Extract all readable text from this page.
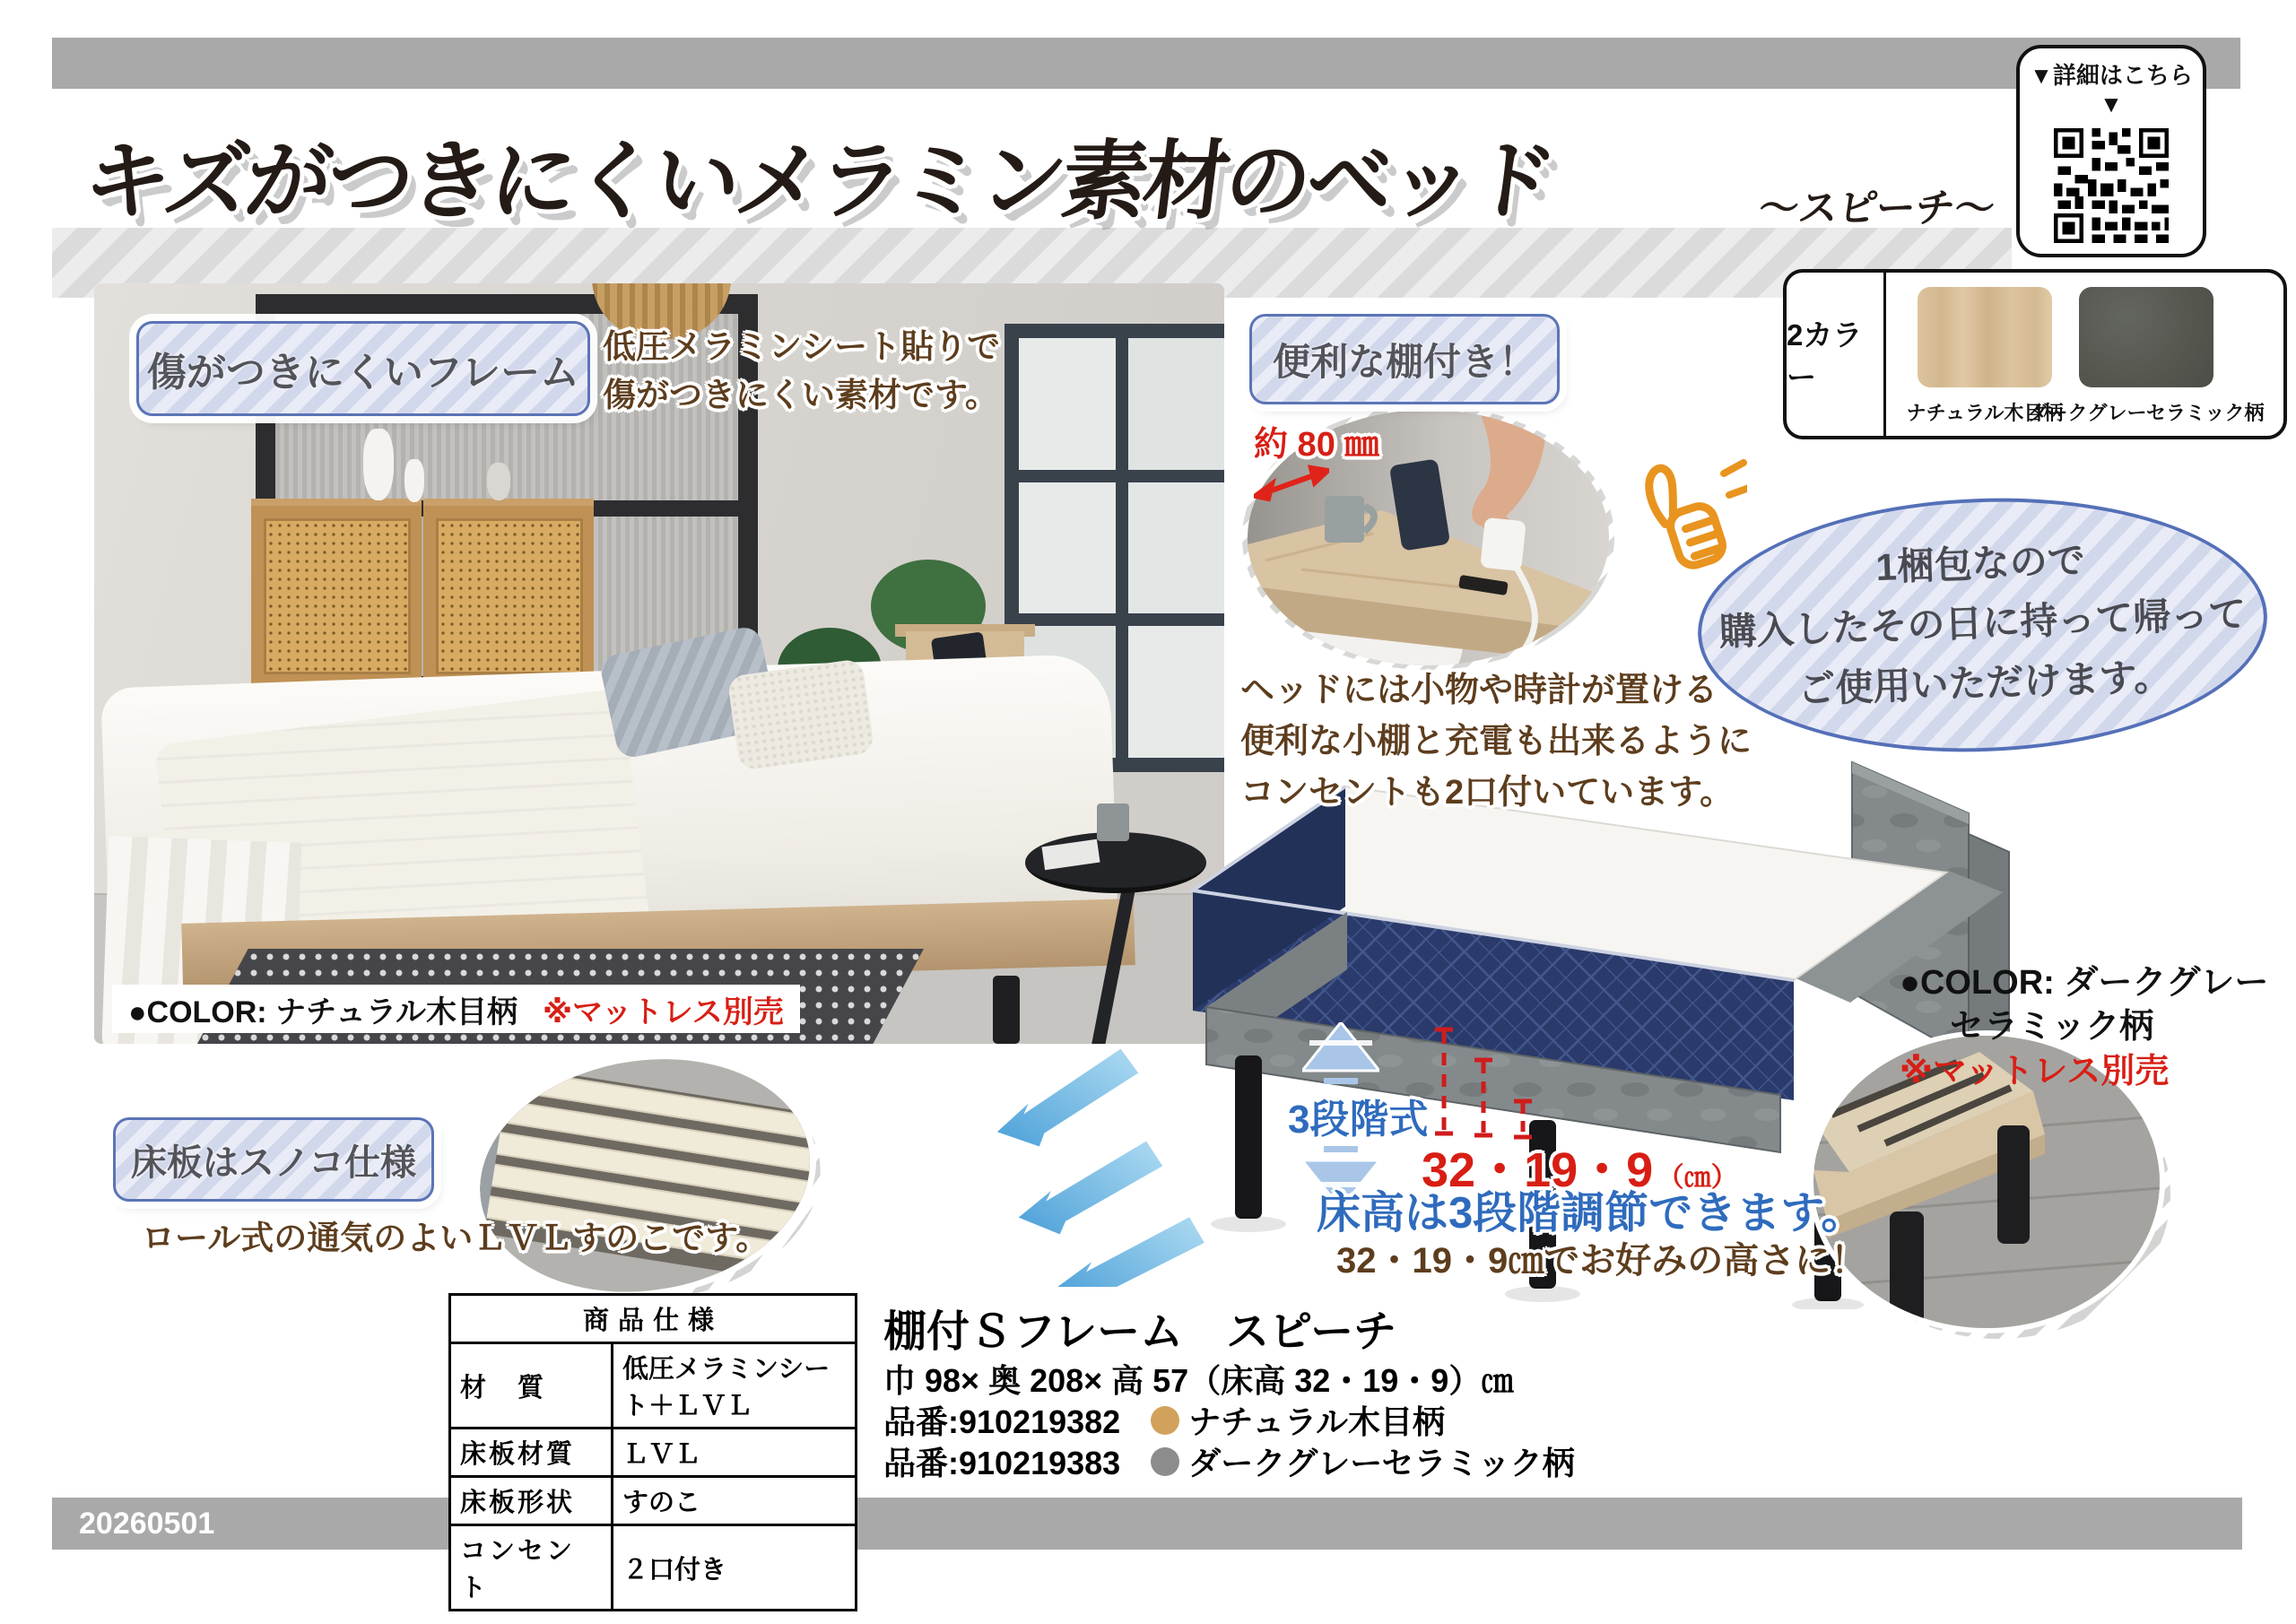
キズがつきにくいメラミン素材のベッド	～スピーチ～
▼詳細はこちら▼
●COLOR: ナチュラル木目柄 ※マットレス別売
傷がつきにくいフレーム
低圧メラミンシート貼りで
傷がつきにくい素材です。
便利な棚付き！
約 80 ㎜
ヘッドには小物や時計が置ける
便利な小棚と充電も出来るように
コンセントも2口付いています。
1梱包なので
購入したその日に持って帰って
ご使用いただけます。
2カラー
ナチュラル木目柄
ダークグレーセラミック柄
●COLOR: ダークグレー
セラミック柄
※マットレス別売
3段階式
32・19・9 （㎝）
床高は3段階調節できます。
32・19・9㎝でお好みの高さに！
床板はスノコ仕様
ロール式の通気のよいＬＶＬすのこです。
商品仕様	
材　質	低圧メラミンシート＋ＬＶＬ
床板材質	ＬＶＬ
床板形状	すのこ
コンセント	２口付き
棚付Ｓフレーム　スピーチ
巾 98× 奥 208× 高 57（床高 32・19・9）㎝
品番:910219382 ナチュラル木目柄
品番:910219383 ダークグレーセラミック柄
20260501
